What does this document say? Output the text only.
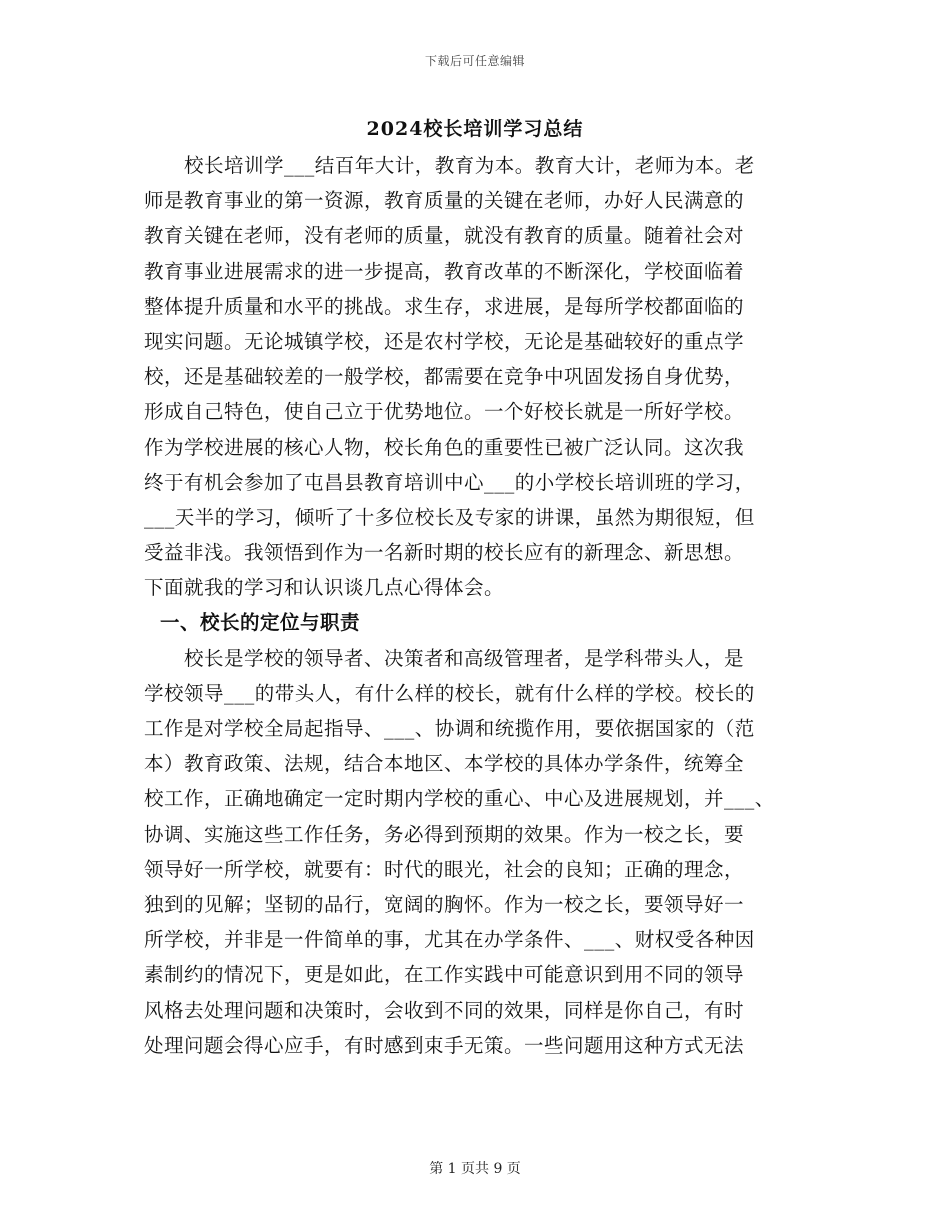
下载后可任意编辑
2024校长培训学习总结
校长培训学___结百年大计，教育为本。教育大计，老师为本。老
师是教育事业的第一资源，教育质量的关键在老师，办好人民满意的
教育关键在老师，没有老师的质量，就没有教育的质量。随着社会对
教育事业进展需求的进一步提高，教育改革的不断深化，学校面临着
整体提升质量和水平的挑战。求生存，求进展，是每所学校都面临的
现实问题。无论城镇学校，还是农村学校，无论是基础较好的重点学
校，还是基础较差的一般学校，都需要在竞争中巩固发扬自身优势，
形成自己特色，使自己立于优势地位。一个好校长就是一所好学校。
作为学校进展的核心人物，校长角色的重要性已被广泛认同。这次我
终于有机会参加了屯昌县教育培训中心___的小学校长培训班的学习，
___天半的学习，倾听了十多位校长及专家的讲课，虽然为期很短，但
受益非浅。我领悟到作为一名新时期的校长应有的新理念、新思想。
下面就我的学习和认识谈几点心得体会。
一、校长的定位与职责
校长是学校的领导者、决策者和高级管理者，是学科带头人，是
学校领导___的带头人，有什么样的校长，就有什么样的学校。校长的
工作是对学校全局起指导、___、协调和统揽作用，要依据国家的（范
本）教育政策、法规，结合本地区、本学校的具体办学条件，统筹全
校工作，正确地确定一定时期内学校的重心、中心及进展规划，并___、
协调、实施这些工作任务，务必得到预期的效果。作为一校之长，要
领导好一所学校，就要有：时代的眼光，社会的良知；正确的理念，
独到的见解；坚韧的品行，宽阔的胸怀。作为一校之长，要领导好一
所学校，并非是一件简单的事，尤其在办学条件、___、财权受各种因
素制约的情况下，更是如此，在工作实践中可能意识到用不同的领导
风格去处理问题和决策时，会收到不同的效果，同样是你自己，有时
处理问题会得心应手，有时感到束手无策。一些问题用这种方式无法
第 1 页共 9 页
